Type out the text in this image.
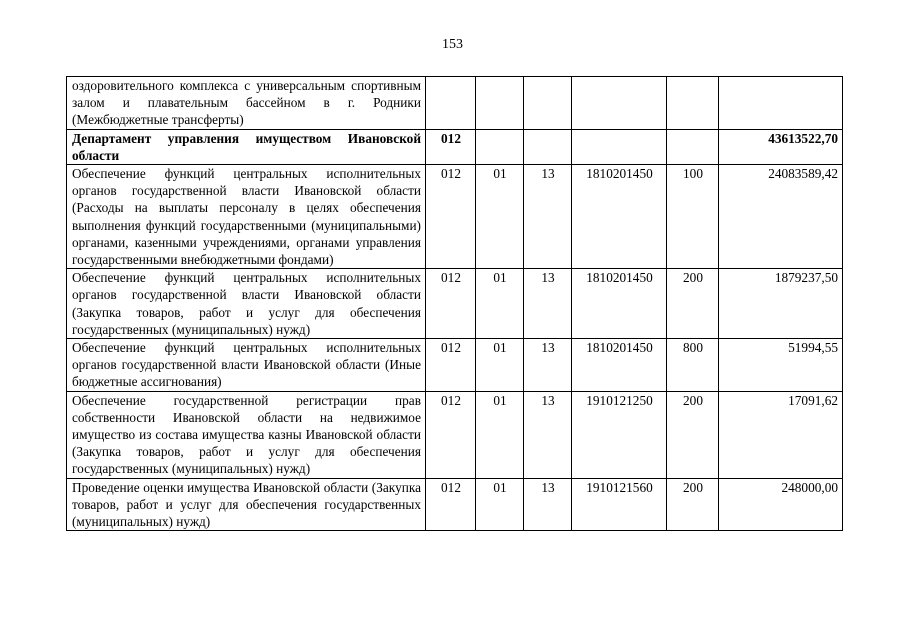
153
оздоровительного комплекса с универсальным спортивным залом и плавательным бассейном в г. Родники (Межбюджетные трансферты)						
Департамент управления имуществом Ивановской области	012					43613522,70
Обеспечение функций центральных исполнительных органов государственной власти Ивановской области (Расходы на выплаты персоналу в целях обеспечения выполнения функций государственными (муниципальными) органами, казенными учреждениями, органами управления государственными внебюджетными фондами)	012	01	13	1810201450	100	24083589,42
Обеспечение функций центральных исполнительных органов государственной власти Ивановской области (Закупка товаров, работ и услуг для обеспечения государственных (муниципальных) нужд)	012	01	13	1810201450	200	1879237,50
Обеспечение функций центральных исполнительных органов государственной власти Ивановской области (Иные бюджетные ассигнования)	012	01	13	1810201450	800	51994,55
Обеспечение государственной регистрации прав собственности Ивановской области на недвижимое имущество из состава имущества казны Ивановской области (Закупка товаров, работ и услуг для обеспечения государственных (муниципальных) нужд)	012	01	13	1910121250	200	17091,62
Проведение оценки имущества Ивановской области (Закупка товаров, работ и услуг для обеспечения государственных (муниципальных) нужд)	012	01	13	1910121560	200	248000,00
